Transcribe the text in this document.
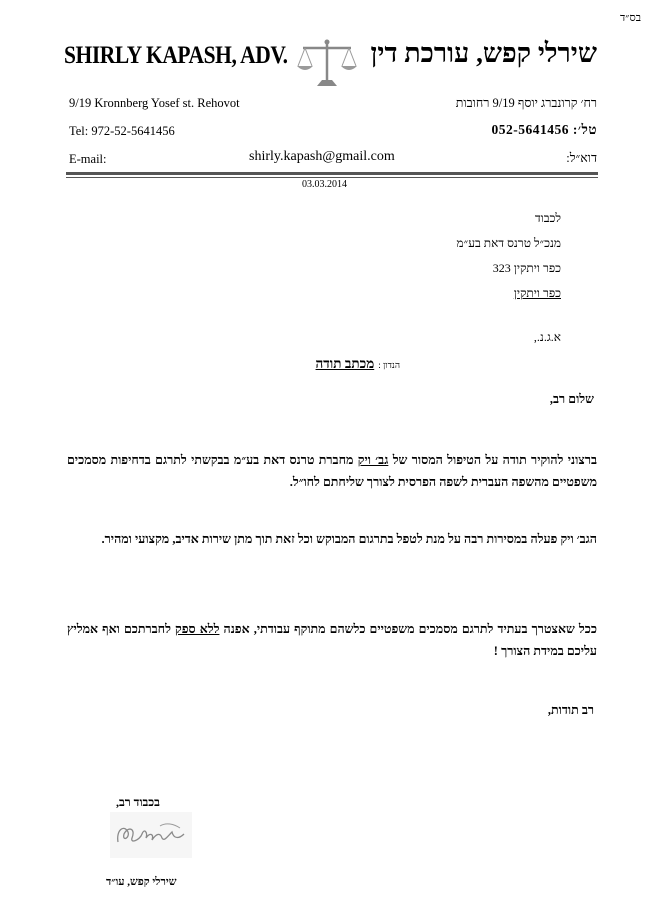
בס״ד
SHIRLY KAPASH, ADV.	שירלי קפש, עורכת דין
9/19 Kronnberg Yosef st. Rehovot	רח׳ קרונברג יוסף 9/19 רחובות
Tel: 972-52-5641456	טל׳: 052-5641456
E-mail:	shirly.kapash@gmail.com	דוא״ל:
03.03.2014
לכבוד
מנכ״ל טרנס דאת בע״מ
כפר ויתקין 323
כפר ויתקין
א.ג.נ.,
הנדון : מכתב תודה
שלום רב,
ברצוני להוקיר תודה על הטיפול המסור של גב׳ ויק מחברת טרנס דאת בע״מ בבקשתי לתרגם בדחיפות מסמכים משפטיים מהשפה העברית לשפה הפרסית לצורך שליחתם לחו״ל.
הגב׳ ויק פעלה במסירות רבה על מנת לטפל בתרגום המבוקש וכל זאת תוך מתן שירות אדיב, מקצועי ומהיר.
ככל שאצטרך בעתיד לתרגם מסמכים משפטיים כלשהם מתוקף עבודתי, אפנה ללא ספק לחברתכם ואף אמליץ עליכם במידת הצורך !
רב תודות,
בכבוד רב,
שירלי קפש, עו״ד
